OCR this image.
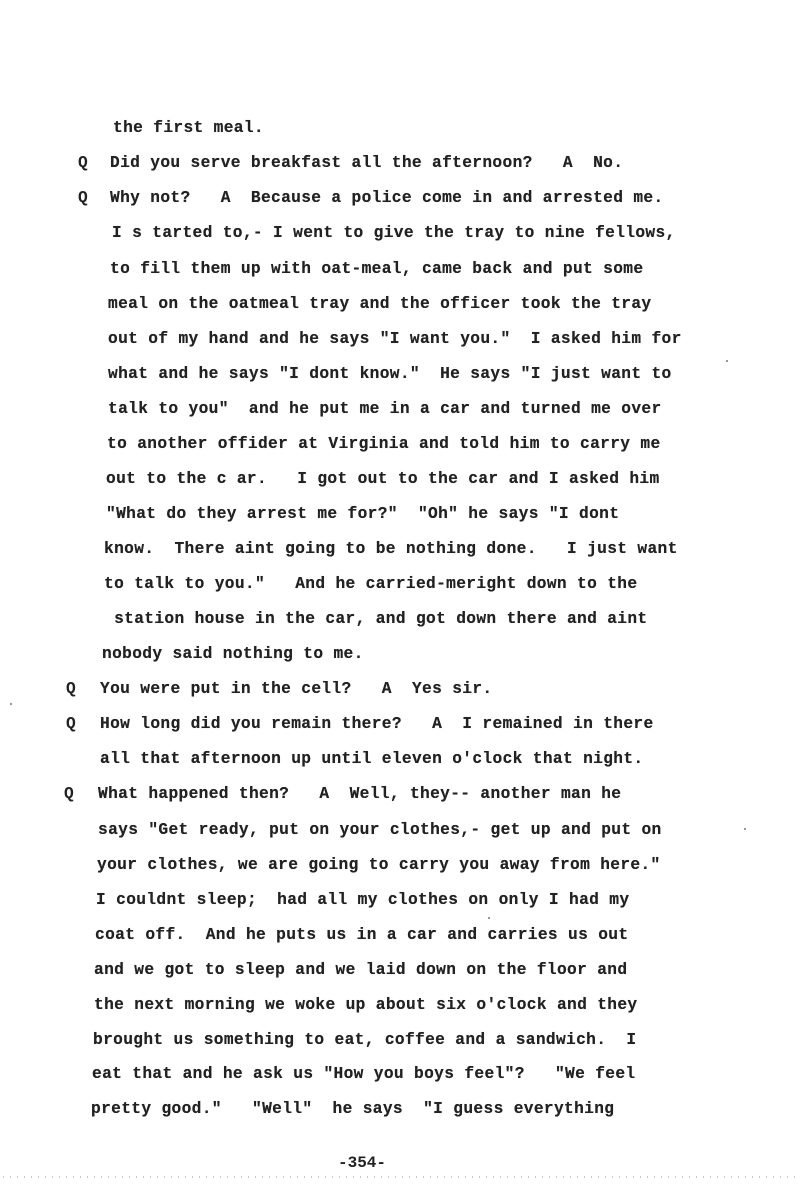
the first meal.
Q Did you serve breakfast all the afternoon?   A  No.
Q Why not?   A  Because a police come in and arrested me.
I s tarted to,- I went to give the tray to nine fellows,
to fill them up with oat-meal, came back and put some
meal on the oatmeal tray and the officer took the tray
out of my hand and he says "I want you."  I asked him for
what and he says "I dont know."  He says "I just want to
talk to you"  and he put me in a car and turned me over
to another offider at Virginia and told him to carry me
out to the c ar.   I got out to the car and I asked him
"What do they arrest me for?"  "Oh" he says "I dont
know.  There aint going to be nothing done.   I just want
to talk to you."   And he carried-meright down to the
station house in the car, and got down there and aint
nobody said nothing to me.
Q You were put in the cell?   A  Yes sir.
Q How long did you remain there?   A  I remained in there
all that afternoon up until eleven o'clock that night.
Q What happened then?   A  Well, they-- another man he
says "Get ready, put on your clothes,- get up and put on
your clothes, we are going to carry you away from here."
I couldnt sleep;  had all my clothes on only I had my
coat off.  And he puts us in a car and carries us out
and we got to sleep and we laid down on the floor and
the next morning we woke up about six o'clock and they
brought us something to eat, coffee and a sandwich.  I
eat that and he ask us "How you boys feel"?   "We feel
pretty good."   "Well"  he says  "I guess everything
-354-
